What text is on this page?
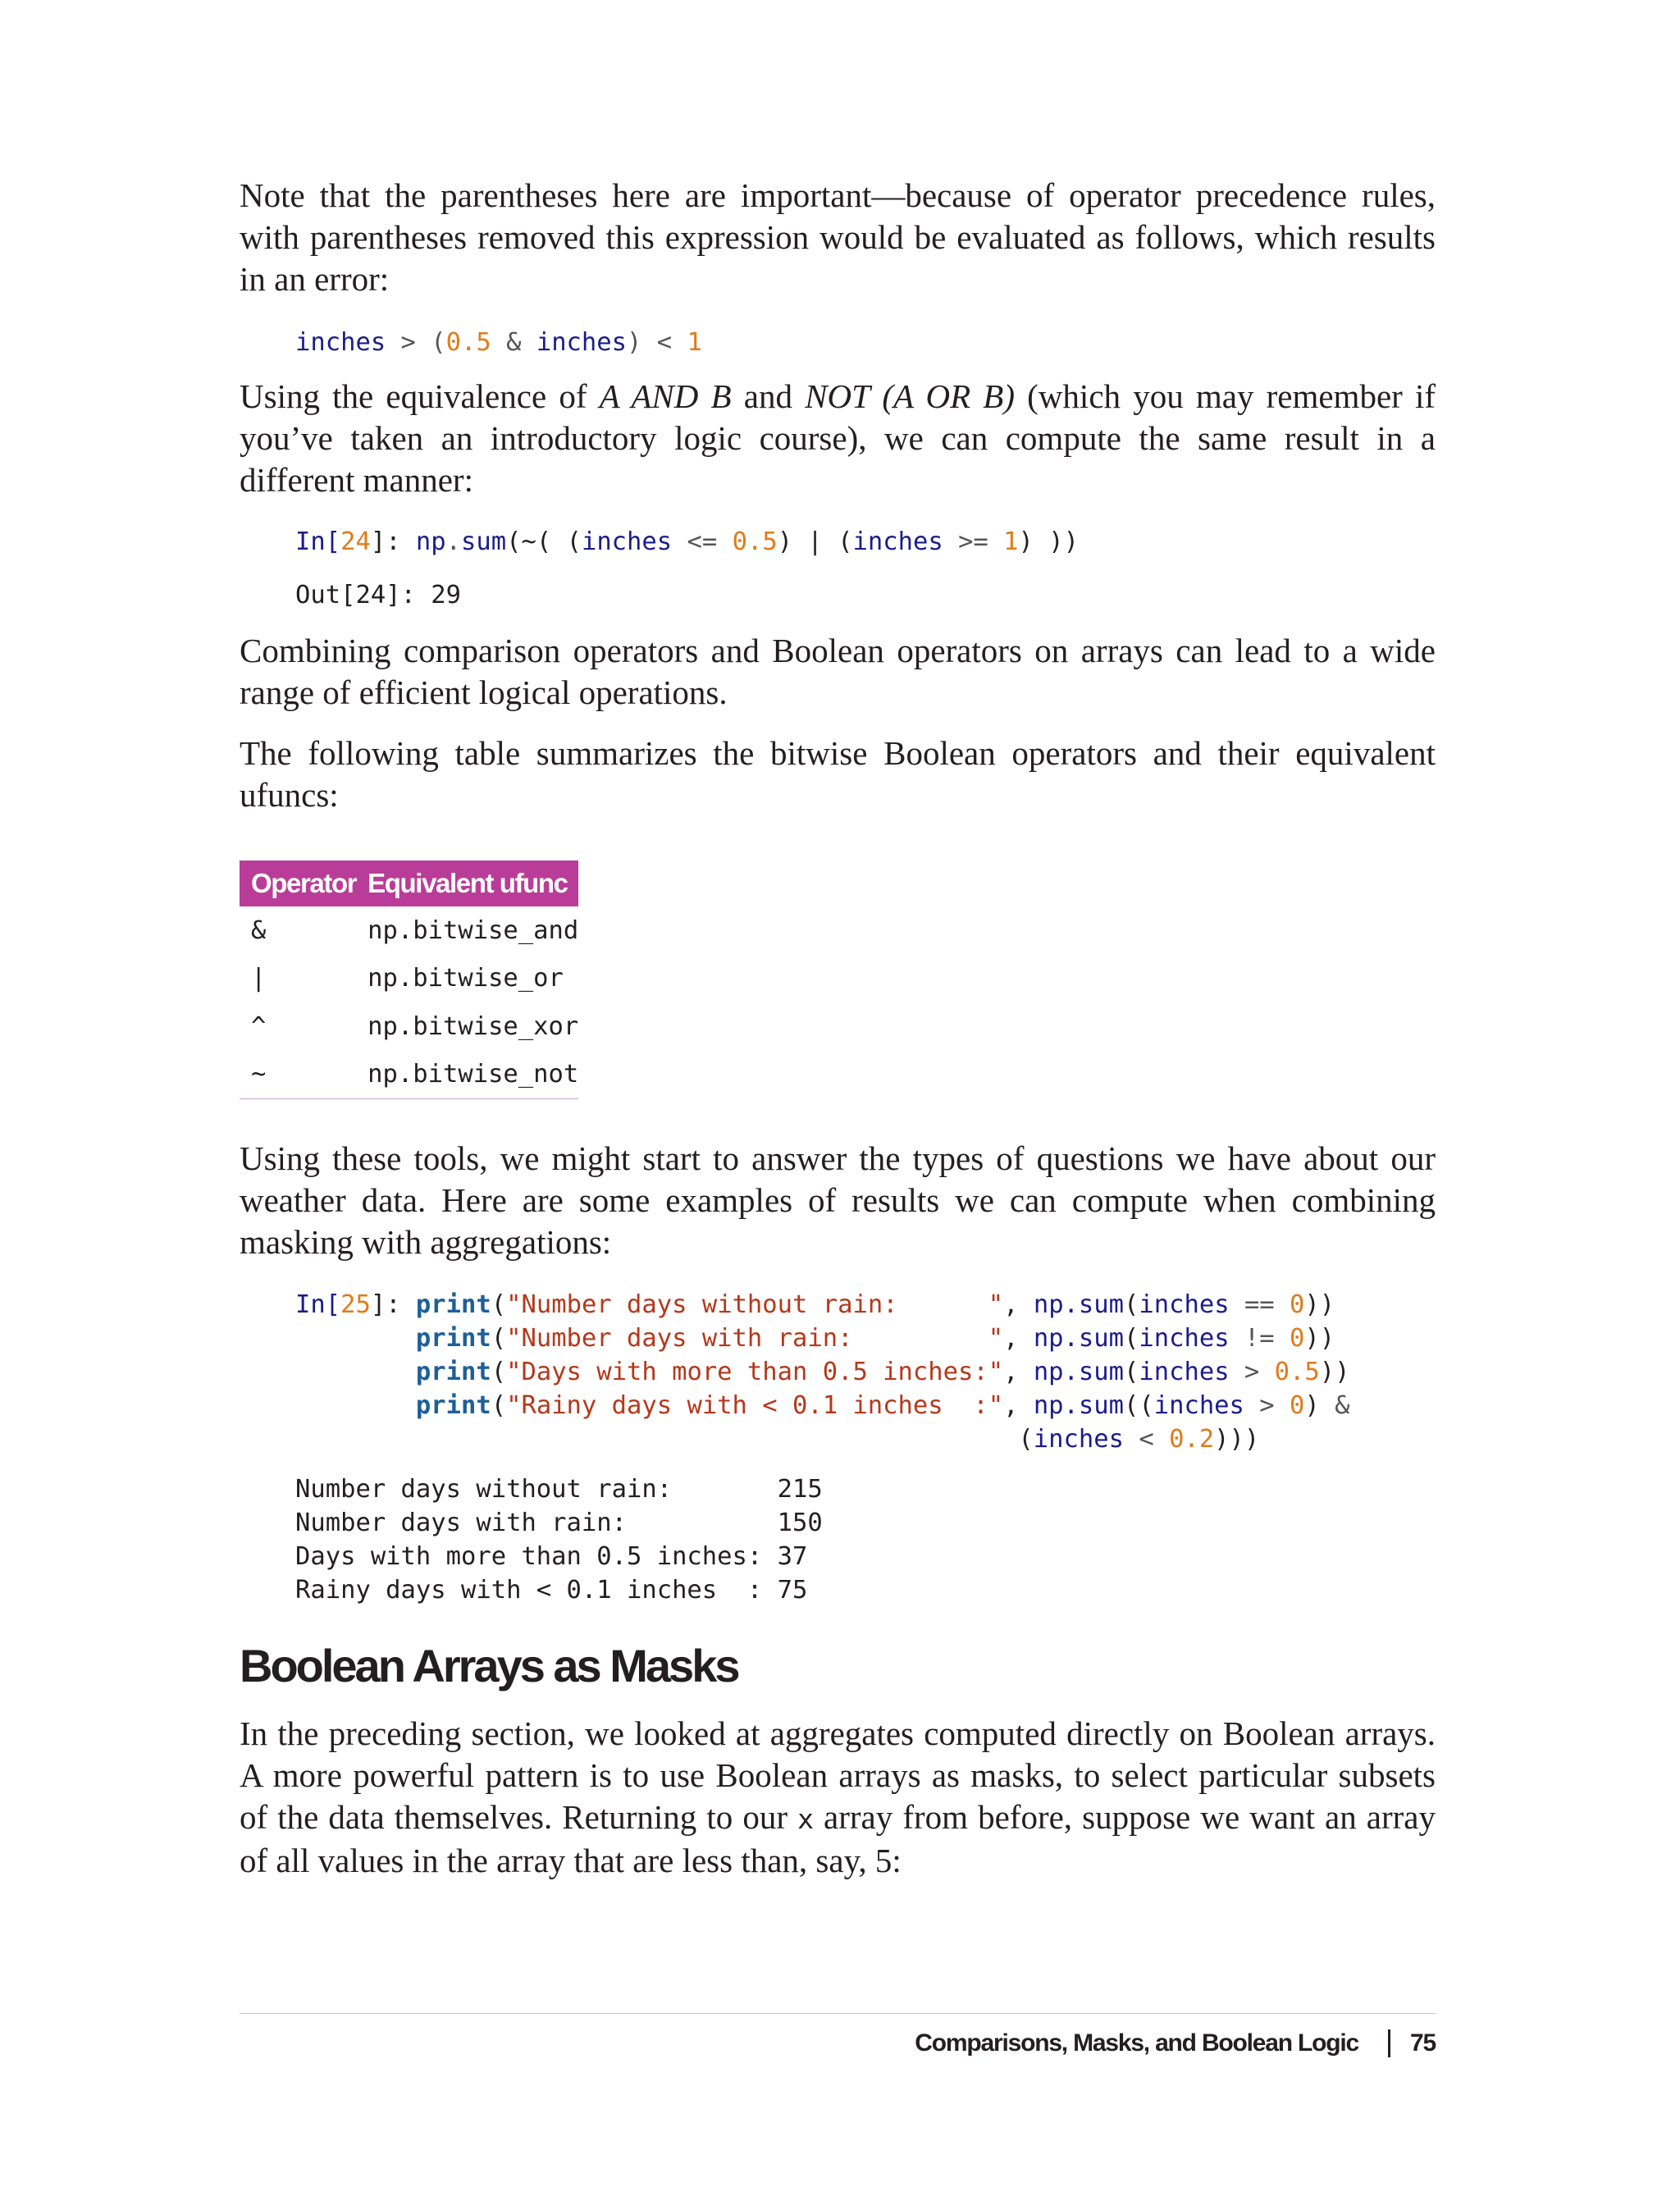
Note that the parentheses here are important—because of operator precedence rules, with parentheses removed this expression would be evaluated as follows, which results in an error:

inches > (0.5 & inches) < 1

Using the equivalence of A AND B and NOT (A OR B) (which you may remember if you’ve taken an introductory logic course), we can compute the same result in a different manner:

In[24]: np.sum(~( (inches <= 0.5) | (inches >= 1) ))
Out[24]: 29

Combining comparison operators and Boolean operators on arrays can lead to a wide range of efficient logical operations.

The following table summarizes the bitwise Boolean operators and their equivalent ufuncs:

Operator	Equivalent ufunc
&	np.bitwise_and
|	np.bitwise_or
^	np.bitwise_xor
~	np.bitwise_not

Using these tools, we might start to answer the types of questions we have about our weather data. Here are some examples of results we can compute when combining masking with aggregations:

In[25]: print("Number days without rain:      ", np.sum(inches == 0))
print("Number days with rain:         ", np.sum(inches != 0))
print("Days with more than 0.5 inches:", np.sum(inches > 0.5))
print("Rainy days with < 0.1 inches  :", np.sum((inches > 0) &
(inches < 0.2)))
Number days without rain:       215
Number days with rain:          150
Days with more than 0.5 inches: 37
Rainy days with < 0.1 inches  : 75
Boolean Arrays as Masks

In the preceding section, we looked at aggregates computed directly on Boolean arrays. A more powerful pattern is to use Boolean arrays as masks, to select particular subsets of the data themselves. Returning to our x array from before, suppose we want an array of all values in the array that are less than, say, 5:

Comparisons, Masks, and Boolean Logic 75
